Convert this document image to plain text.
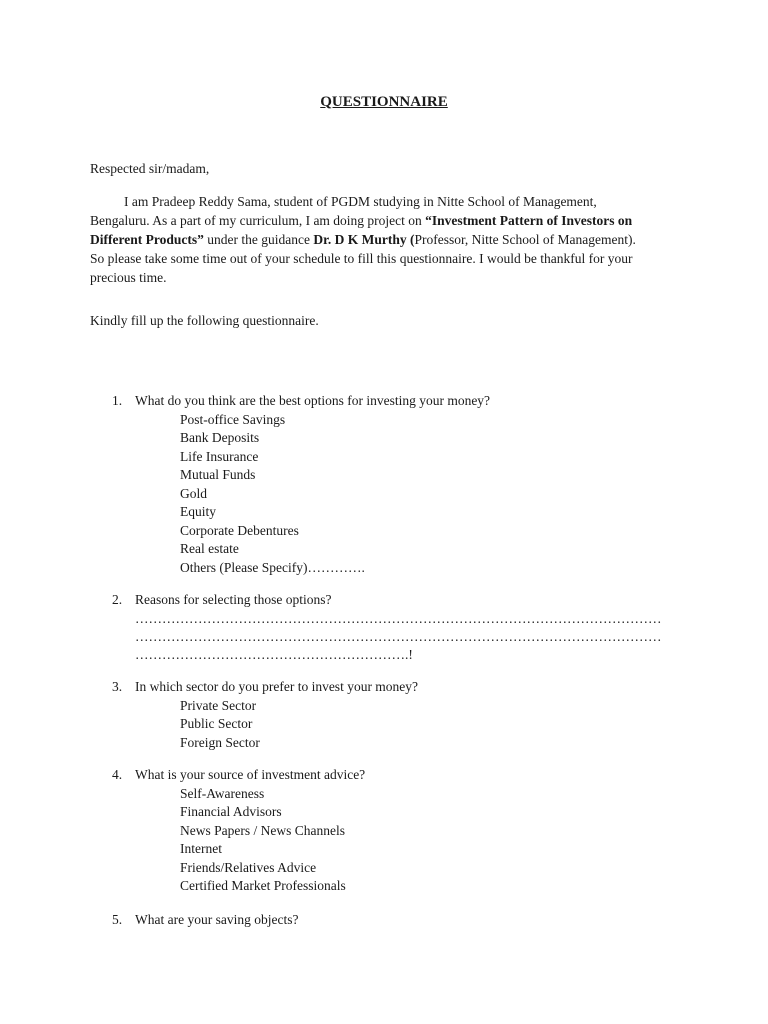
QUESTIONNAIRE
Respected sir/madam,
I am Pradeep Reddy Sama, student of PGDM studying in Nitte School of Management, Bengaluru. As a part of my curriculum, I am doing project on “Investment Pattern of Investors on Different Products” under the guidance Dr. D K Murthy (Professor, Nitte School of Management). So please take some time out of your schedule to fill this questionnaire. I would be thankful for your precious time.
Kindly fill up the following questionnaire.
1. What do you think are the best options for investing your money?
Post-office Savings
Bank Deposits
Life Insurance
Mutual Funds
Gold
Equity
Corporate Debentures
Real estate
Others (Please Specify)………….
2. Reasons for selecting those options?
………………………………………………………………………………………………………
………………………………………………………………………………………………………
…………………………………………………….!
3. In which sector do you prefer to invest your money?
Private Sector
Public Sector
Foreign Sector
4. What is your source of investment advice?
Self-Awareness
Financial Advisors
News Papers / News Channels
Internet
Friends/Relatives Advice
Certified Market Professionals
5. What are your saving objects?
